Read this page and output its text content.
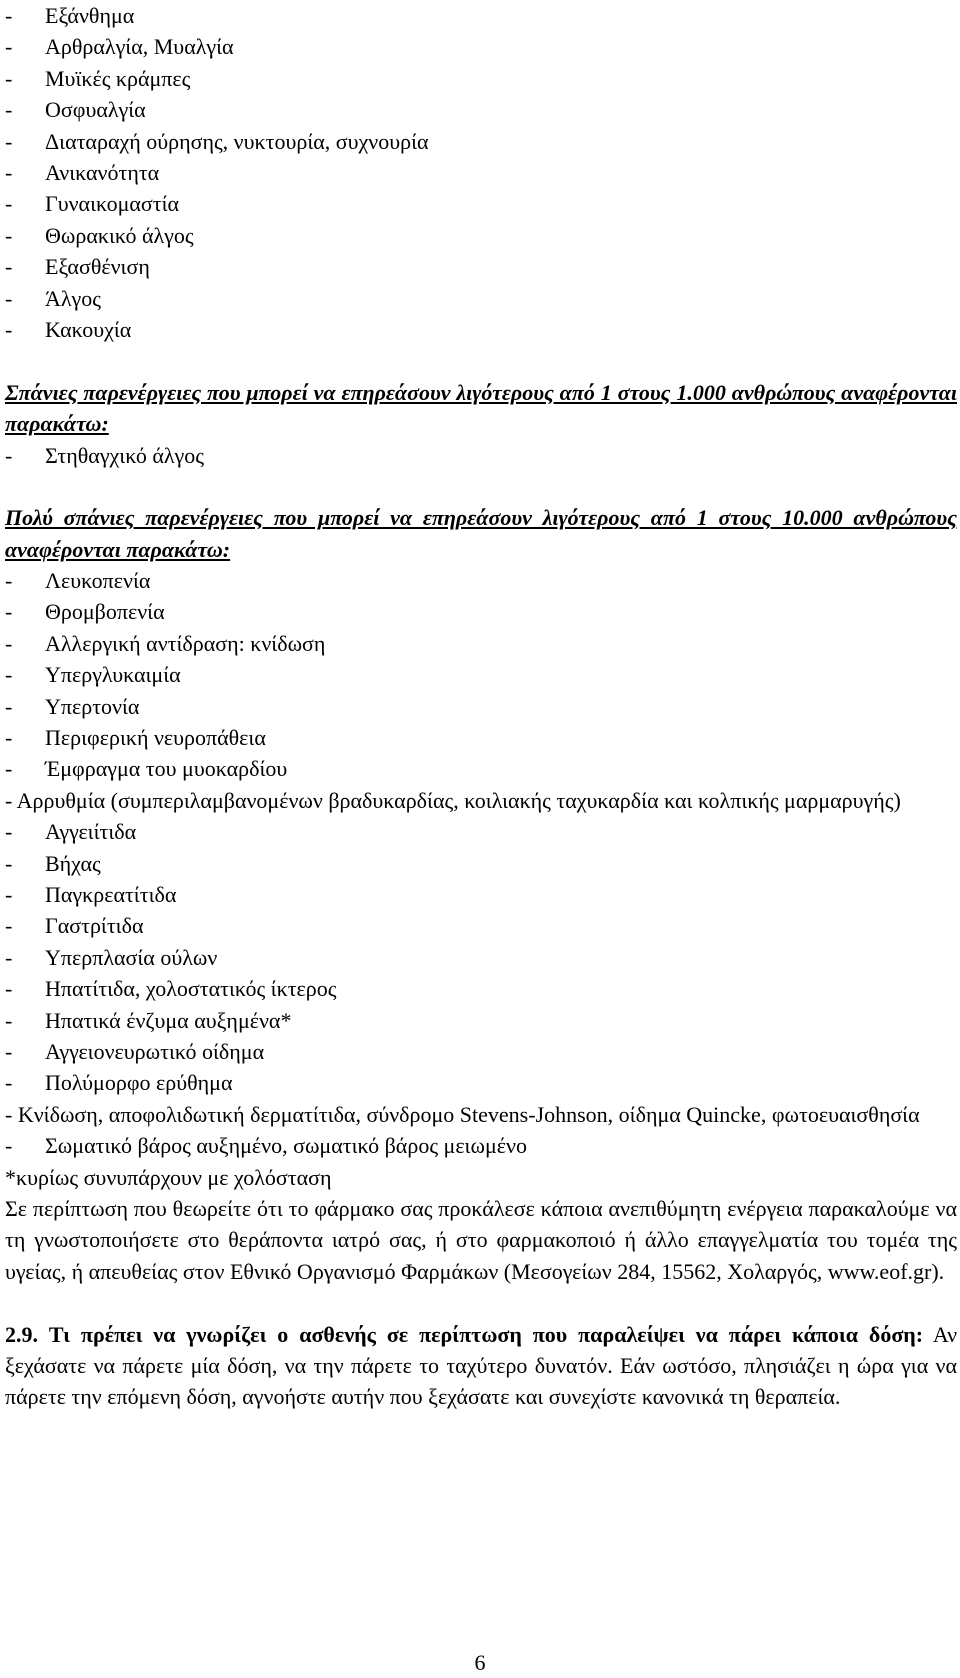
- Εξάνθημα
- Αρθραλγία, Μυαλγία
- Μυϊκές κράμπες
- Οσφυαλγία
- Διαταραχή ούρησης, νυκτουρία, συχνουρία
- Ανικανότητα
- Γυναικομαστία
- Θωρακικό άλγος
- Εξασθένιση
- Άλγος
- Κακουχία
Σπάνιες παρενέργειες που μπορεί να επηρεάσουν λιγότερους από 1 στους 1.000 ανθρώπους αναφέρονται παρακάτω:
- Στηθαγχικό άλγος
Πολύ σπάνιες παρενέργειες που μπορεί να επηρεάσουν λιγότερους από 1 στους 10.000 ανθρώπους αναφέρονται παρακάτω:
- Λευκοπενία
- Θρομβοπενία
- Αλλεργική αντίδραση: κνίδωση
- Υπεργλυκαιμία
- Υπερτονία
- Περιφερική νευροπάθεια
- Έμφραγμα του μυοκαρδίου
- Αρρυθμία (συμπεριλαμβανομένων βραδυκαρδίας, κοιλιακής ταχυκαρδία και κολπικής μαρμαρυγής)
- Αγγειίτιδα
- Βήχας
- Παγκρεατίτιδα
- Γαστρίτιδα
- Υπερπλασία ούλων
- Ηπατίτιδα, χολοστατικός ίκτερος
- Ηπατικά ένζυμα αυξημένα*
- Αγγειονευρωτικό οίδημα
- Πολύμορφο ερύθημα
- Κνίδωση, αποφολιδωτική δερματίτιδα, σύνδρομο Stevens-Johnson, οίδημα Quincke, φωτοευαισθησία
- Σωματικό βάρος αυξημένο, σωματικό βάρος μειωμένο
*κυρίως συνυπάρχουν με χολόσταση
Σε περίπτωση που θεωρείτε ότι το φάρμακο σας προκάλεσε κάποια ανεπιθύμητη ενέργεια παρακαλούμε να τη γνωστοποιήσετε στο θεράποντα ιατρό σας, ή στο φαρμακοποιό ή άλλο επαγγελματία του τομέα της υγείας, ή απευθείας στον Εθνικό Οργανισμό Φαρμάκων (Μεσογείων 284, 15562, Χολαργός, www.eof.gr).
2.9. Τι πρέπει να γνωρίζει ο ασθενής σε περίπτωση που παραλείψει να πάρει κάποια δόση: Αν ξεχάσατε να πάρετε μία δόση, να την πάρετε το ταχύτερο δυνατόν. Εάν ωστόσο, πλησιάζει η ώρα για να πάρετε την επόμενη δόση, αγνοήστε αυτήν που ξεχάσατε και συνεχίστε κανονικά τη θεραπεία.
6
